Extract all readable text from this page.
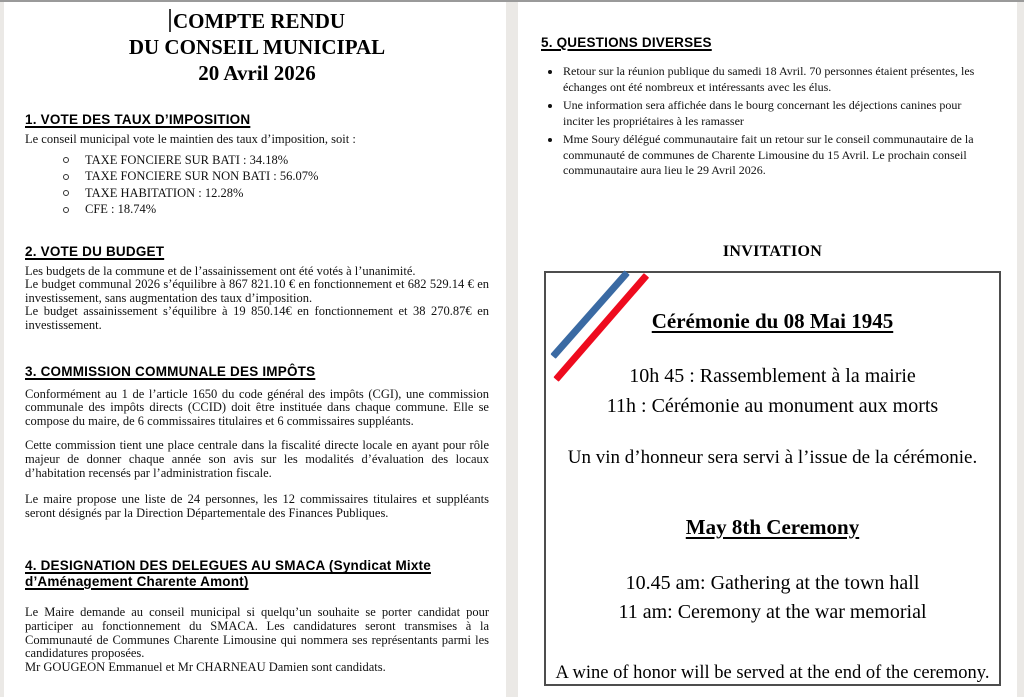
COMPTE RENDU
DU CONSEIL MUNICIPAL
20 Avril 2026
1. VOTE DES TAUX D’IMPOSITION

Le conseil municipal vote le maintien des taux d’imposition, soit :

TAXE FONCIERE SUR BATI : 34.18%
TAXE FONCIERE SUR NON BATI : 56.07%
TAXE HABITATION : 12.28%
CFE : 18.74%
2. VOTE DU BUDGET

Les budgets de la commune et de l’assainissement ont été votés à l’unanimité.

Le budget communal 2026 s’équilibre à 867 821.10 € en fonctionnement et 682 529.14 € en investissement, sans augmentation des taux d’imposition.

Le budget assainissement s’équilibre à 19 850.14€ en fonctionnement et 38 270.87€ en investissement.

3. COMMISSION COMMUNALE DES IMPÔTS

Conformément au 1 de l’article 1650 du code général des impôts (CGI), une commission communale des impôts directs (CCID) doit être instituée dans chaque commune. Elle se compose du maire, de 6 commissaires titulaires et 6 commissaires suppléants.

Cette commission tient une place centrale dans la fiscalité directe locale en ayant pour rôle majeur de donner chaque année son avis sur les modalités d’évaluation des locaux d’habitation recensés par l’administration fiscale.

Le maire propose une liste de 24 personnes, les 12 commissaires titulaires et suppléants seront désignés par la Direction Départementale des Finances Publiques.

4. DESIGNATION DES DELEGUES AU SMACA (Syndicat Mixte d’Aménagement Charente Amont)

Le Maire demande au conseil municipal si quelqu’un souhaite se porter candidat pour participer au fonctionnement du SMACA. Les candidatures seront transmises à la Communauté de Communes Charente Limousine qui nommera ses représentants parmi les candidatures proposées.

Mr GOUGEON Emmanuel et Mr CHARNEAU Damien sont candidats.

5. QUESTIONS DIVERSES
• Retour sur la réunion publique du samedi 18 Avril. 70 personnes étaient présentes, les échanges ont été nombreux et intéressants avec les élus.
• Une information sera affichée dans le bourg concernant les déjections canines pour inciter les propriétaires à les ramasser
• Mme Soury délégué communautaire fait un retour sur le conseil communautaire de la communauté de communes de Charente Limousine du 15 Avril. Le prochain conseil communautaire aura lieu le 29 Avril 2026.
INVITATION
Cérémonie du 08 Mai 1945
10h 45 : Rassemblement à la mairie
11h : Cérémonie au monument aux morts
Un vin d’honneur sera servi à l’issue de la cérémonie.
May 8th Ceremony
10.45 am: Gathering at the town hall
11 am: Ceremony at the war memorial
A wine of honor will be served at the end of the ceremony.
